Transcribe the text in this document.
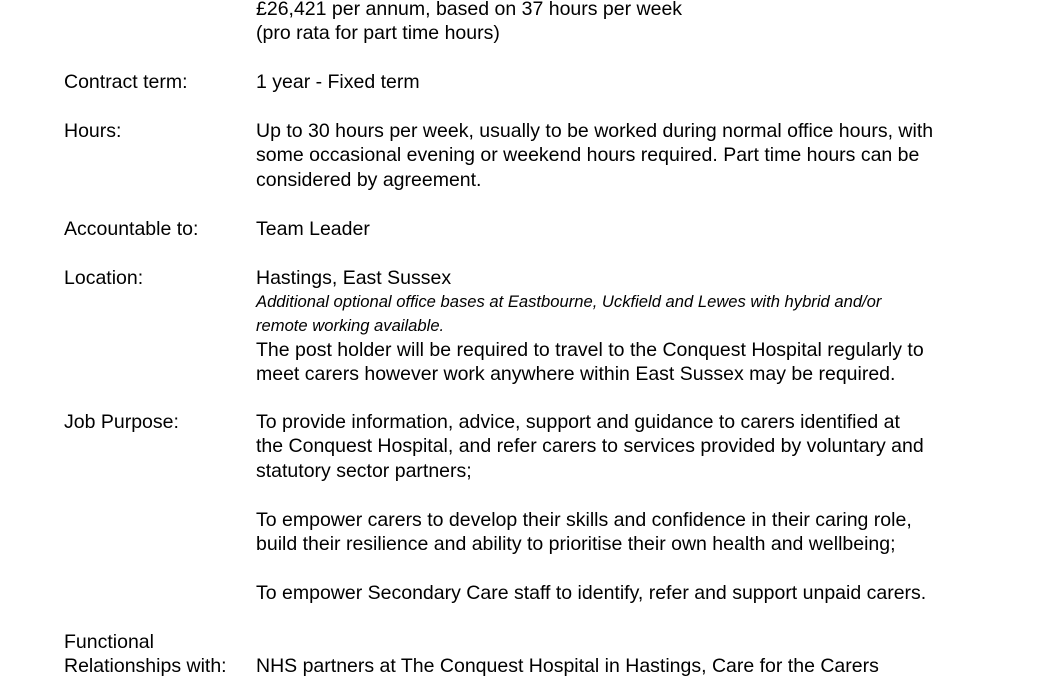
£26,421 per annum, based on 37 hours per week
(pro rata for part time hours)
Contract term:	1 year - Fixed term
Hours:	Up to 30 hours per week, usually to be worked during normal office hours, with
some occasional evening or weekend hours required. Part time hours can be
considered by agreement.
Accountable to:	Team Leader
Location:	Hastings, East Sussex
Additional optional office bases at Eastbourne, Uckfield and Lewes with hybrid and/or
remote working available.
The post holder will be required to travel to the Conquest Hospital regularly to
meet carers however work anywhere within East Sussex may be required.
Job Purpose:	To provide information, advice, support and guidance to carers identified at
the Conquest Hospital, and refer carers to services provided by voluntary and
statutory sector partners;
To empower carers to develop their skills and confidence in their caring role,
build their resilience and ability to prioritise their own health and wellbeing;
To empower Secondary Care staff to identify, refer and support unpaid carers.
Functional
Relationships with: NHS partners at The Conquest Hospital in Hastings, Care for the Carers
